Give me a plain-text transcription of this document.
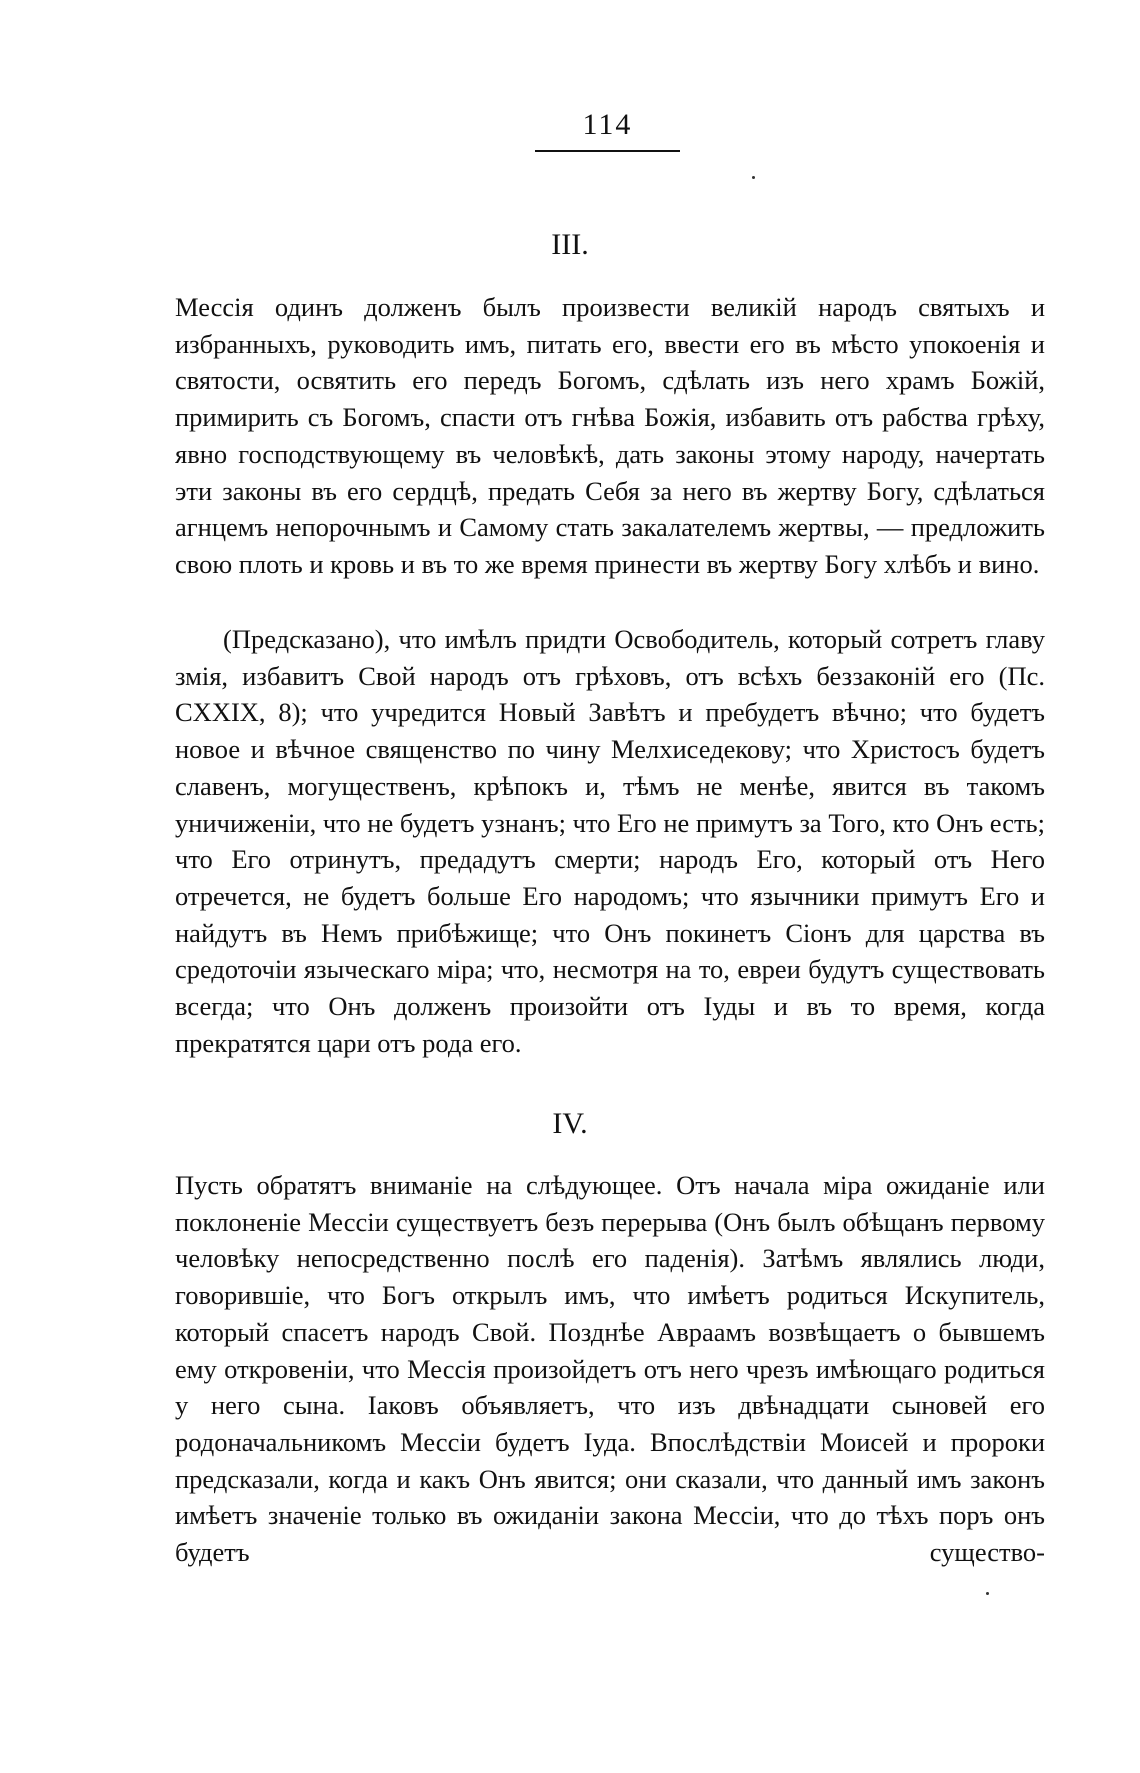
114
III.

Мессія одинъ долженъ былъ произвести великій народъ святыхъ и избранныхъ, руководить имъ, питать его, ввести его въ мѣсто упокоенія и святости, освятить его передъ Богомъ, сдѣлать изъ него храмъ Божій, примирить съ Богомъ, спасти отъ гнѣва Божія, избавить отъ рабства грѣху, явно господствующему въ человѣкѣ, дать законы этому народу, начертать эти законы въ его сердцѣ, предать Себя за него въ жертву Богу, сдѣлаться агнцемъ непорочнымъ и Самому стать закалателемъ жертвы, — предложить свою плоть и кровь и въ то же время принести въ жертву Богу хлѣбъ и вино.

(Предсказано), что имѣлъ придти Освободитель, который сотретъ главу змія, избавитъ Свой народъ отъ грѣховъ, отъ всѣхъ беззаконій его (Пс. CXXIX, 8); что учредится Новый Завѣтъ и пребудетъ вѣчно; что будетъ новое и вѣчное священство по чину Мелхиседекову; что Христосъ будетъ славенъ, могущественъ, крѣпокъ и, тѣмъ не менѣе, явится въ такомъ уничиженіи, что не будетъ узнанъ; что Его не примутъ за Того, кто Онъ есть; что Его отринутъ, предадутъ смерти; народъ Его, который отъ Него отречется, не будетъ больше Его народомъ; что язычники примутъ Его и найдутъ въ Немъ прибѣжище; что Онъ покинетъ Сіонъ для царства въ средоточіи языческаго міра; что, несмотря на то, евреи будутъ существовать всегда; что Онъ долженъ произойти отъ Іуды и въ то время, когда прекратятся цари отъ рода его.

IV.

Пусть обратятъ вниманіе на слѣдующее. Отъ начала міра ожиданіе или поклоненіе Мессіи существуетъ безъ перерыва (Онъ былъ обѣщанъ первому человѣку непосредственно послѣ его паденія). Затѣмъ являлись люди, говорившіе, что Богъ открылъ имъ, что имѣетъ родиться Искупитель, который спасетъ народъ Свой. Позднѣе Авраамъ возвѣщаетъ о бывшемъ ему откровеніи, что Мессія произойдетъ отъ него чрезъ имѣющаго родиться у него сына. Іаковъ объявляетъ, что изъ двѣнадцати сыновей его родоначальникомъ Мессіи будетъ Іуда. Впослѣдствіи Моисей и пророки предсказали, когда и какъ Онъ явится; они сказали, что данный имъ законъ имѣетъ значеніе только въ ожиданіи закона Мессіи, что до тѣхъ поръ онъ будетъ существо-
